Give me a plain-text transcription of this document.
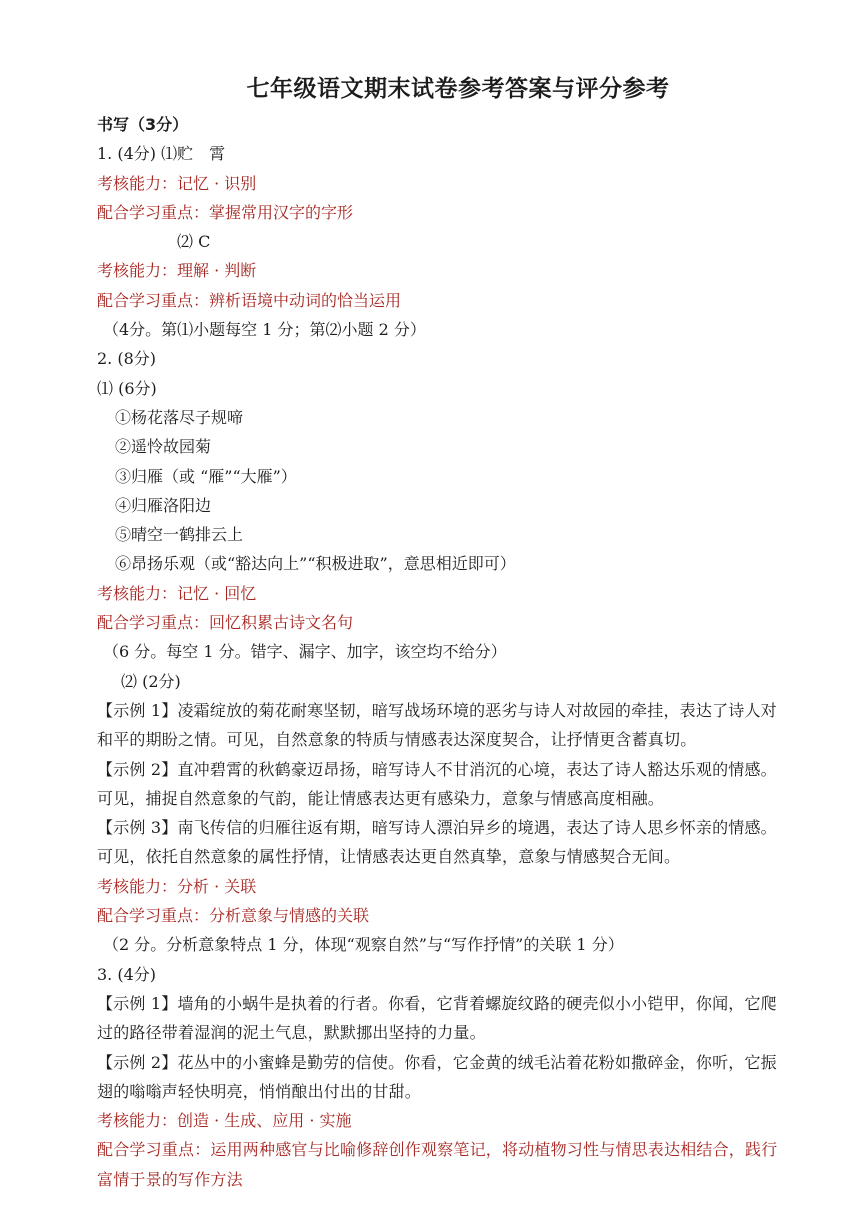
七年级语文期末试卷参考答案与评分参考
书写（3分）
1. (4分) ⑴贮　霄
考核能力：记忆 · 识别
配合学习重点：掌握常用汉字的字形
⑵ C
考核能力：理解 · 判断
配合学习重点：辨析语境中动词的恰当运用
（4分。第⑴小题每空 1 分；第⑵小题 2 分）
2. (8分)
⑴ (6分)
①杨花落尽子规啼
②遥怜故园菊
③归雁（或 “雁”“大雁”）
④归雁洛阳边
⑤晴空一鹤排云上
⑥昂扬乐观（或“豁达向上”“积极进取”，意思相近即可）
考核能力：记忆 · 回忆
配合学习重点：回忆积累古诗文名句
（6 分。每空 1 分。错字、漏字、加字，该空均不给分）
⑵ (2分)
【示例 1】凌霜绽放的菊花耐寒坚韧，暗写战场环境的恶劣与诗人对故园的牵挂，表达了诗人对和平的期盼之情。可见，自然意象的特质与情感表达深度契合，让抒情更含蓄真切。
【示例 2】直冲碧霄的秋鹤豪迈昂扬，暗写诗人不甘消沉的心境，表达了诗人豁达乐观的情感。可见，捕捉自然意象的气韵，能让情感表达更有感染力，意象与情感高度相融。
【示例 3】南飞传信的归雁往返有期，暗写诗人漂泊异乡的境遇，表达了诗人思乡怀亲的情感。可见，依托自然意象的属性抒情，让情感表达更自然真挚，意象与情感契合无间。
考核能力：分析 · 关联
配合学习重点：分析意象与情感的关联
（2 分。分析意象特点 1 分，体现“观察自然”与“写作抒情”的关联 1 分）
3. (4分)
【示例 1】墙角的小蜗牛是执着的行者。你看，它背着螺旋纹路的硬壳似小小铠甲，你闻，它爬过的路径带着湿润的泥土气息，默默挪出坚持的力量。
【示例 2】花丛中的小蜜蜂是勤劳的信使。你看，它金黄的绒毛沾着花粉如撒碎金，你听，它振翅的嗡嗡声轻快明亮，悄悄酿出付出的甘甜。
考核能力：创造 · 生成、应用 · 实施
配合学习重点：运用两种感官与比喻修辞创作观察笔记，将动植物习性与情思表达相结合，践行富情于景的写作方法
